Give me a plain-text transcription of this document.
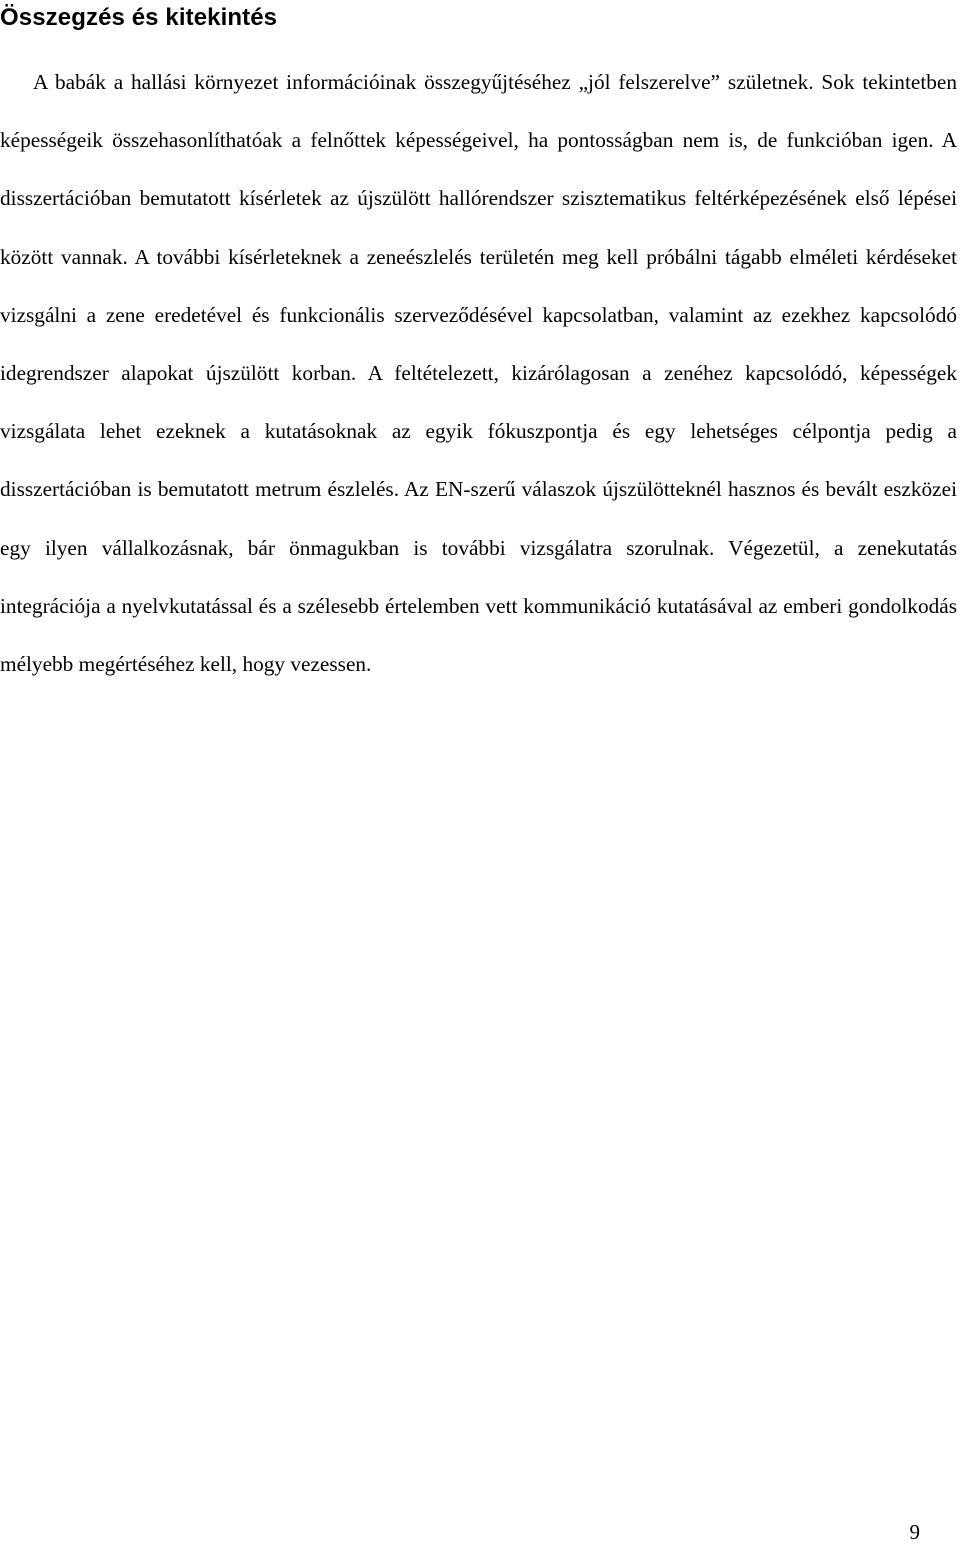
Összegzés és kitekintés

A babák a hallási környezet információinak összegyűjtéséhez „jól felszerelve” születnek. Sok tekintetben képességeik összehasonlíthatóak a felnőttek képességeivel, ha pontosságban nem is, de funkcióban igen. A disszertációban bemutatott kísérletek az újszülött hallórendszer szisztematikus feltérképezésének első lépései között vannak. A további kísérleteknek a zeneészlelés területén meg kell próbálni tágabb elméleti kérdéseket vizsgálni a zene eredetével és funkcionális szerveződésével kapcsolatban, valamint az ezekhez kapcsolódó idegrendszer alapokat újszülött korban. A feltételezett, kizárólagosan a zenéhez kapcsolódó, képességek vizsgálata lehet ezeknek a kutatásoknak az egyik fókuszpontja és egy lehetséges célpontja pedig a disszertációban is bemutatott metrum észlelés. Az EN-szerű válaszok újszülötteknél hasznos és bevált eszközei egy ilyen vállalkozásnak, bár önmagukban is további vizsgálatra szorulnak. Végezetül, a zenekutatás integrációja a nyelvkutatással és a szélesebb értelemben vett kommunikáció kutatásával az emberi gondolkodás mélyebb megértéséhez kell, hogy vezessen.

9
